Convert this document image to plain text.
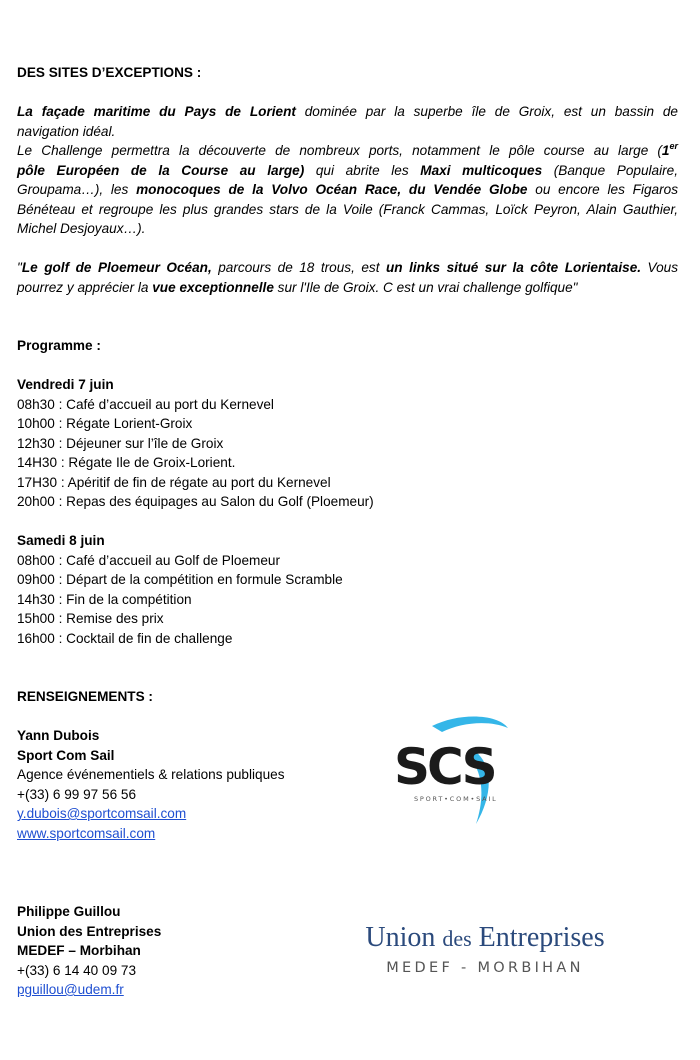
DES SITES D’EXCEPTIONS :
La façade maritime du Pays de Lorient dominée par la superbe île de Groix, est un bassin de
navigation idéal.
Le Challenge permettra la découverte de nombreux ports, notamment le pôle course au large (1er
pôle Européen de la Course au large) qui abrite les Maxi multicoques (Banque Populaire,
Groupama…), les monocoques de la Volvo Océan Race, du Vendée Globe ou encore les Figaros
Bénéteau et regroupe les plus grandes stars de la Voile (Franck Cammas, Loïck Peyron, Alain Gauthier,
Michel Desjoyaux…).
"Le golf de Ploemeur Océan, parcours de 18 trous, est un links situé sur la côte Lorientaise. Vous
pourrez y apprécier la vue exceptionnelle sur l'Ile de Groix. C est un vrai challenge golfique"
Programme :
Vendredi 7 juin
08h30 : Café d’accueil au port du Kernevel
10h00 : Régate Lorient-Groix
12h30 : Déjeuner sur l’île de Groix
14H30 : Régate Ile de Groix-Lorient.
17H30 : Apéritif de fin de régate au port du Kernevel
20h00 : Repas des équipages au Salon du Golf (Ploemeur)
Samedi 8 juin
08h00 : Café d’accueil au Golf de Ploemeur
09h00 : Départ de la compétition en formule Scramble
14h30 : Fin de la compétition
15h00 : Remise des prix
16h00 : Cocktail de fin de challenge
RENSEIGNEMENTS :
Yann Dubois
Sport Com Sail
Agence événementiels & relations publiques
+(33) 6 99 97 56 56
y.dubois@sportcomsail.com
www.sportcomsail.com
Philippe Guillou
Union des Entreprises
MEDEF – Morbihan
+(33) 6 14 40 09 73
pguillou@udem.fr
SCS
SPORT•COM•SAIL
Union des Entreprises
MEDEF - MORBIHAN
